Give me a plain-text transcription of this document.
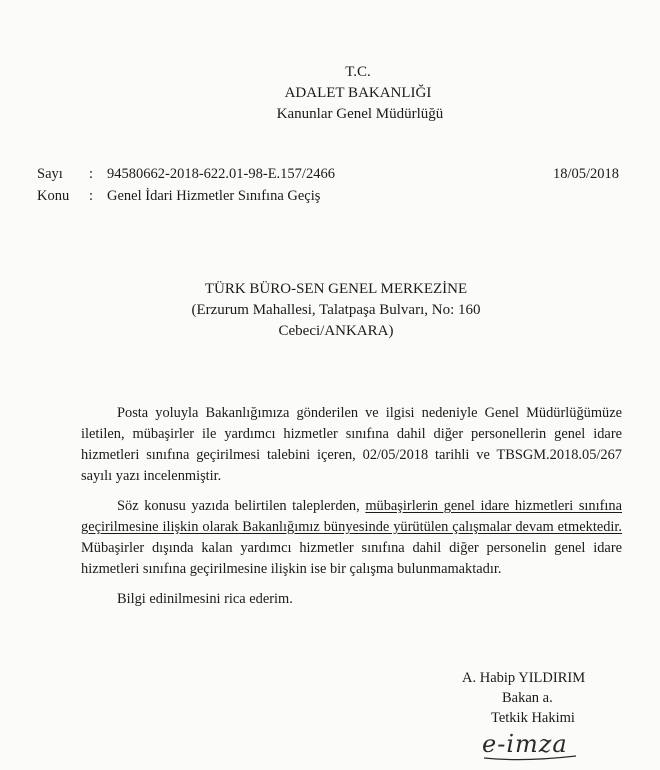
T.C.
ADALET BAKANLIĞI
Kanunlar Genel Müdürlüğü
Sayı	: 94580662-2018-622.01-98-E.157/2466
Konu	: Genel İdari Hizmetler Sınıfına Geçiş
18/05/2018
TÜRK BÜRO-SEN GENEL MERKEZİNE
(Erzurum Mahallesi, Talatpaşa Bulvarı, No: 160
Cebeci/ANKARA)

Posta yoluyla Bakanlığımıza gönderilen ve ilgisi nedeniyle Genel Müdürlüğümüze iletilen, mübaşirler ile yardımcı hizmetler sınıfına dahil diğer personellerin genel idare hizmetleri sınıfına geçirilmesi talebini içeren, 02/05/2018 tarihli ve TBSGM.2018.05/267 sayılı yazı incelenmiştir.

Söz konusu yazıda belirtilen taleplerden, mübaşirlerin genel idare hizmetleri sınıfına geçirilmesine ilişkin olarak Bakanlığımız bünyesinde yürütülen çalışmalar devam etmektedir. Mübaşirler dışında kalan yardımcı hizmetler sınıfına dahil diğer personelin genel idare hizmetleri sınıfına geçirilmesine ilişkin ise bir çalışma bulunmamaktadır.

Bilgi edinilmesini rica ederim.

A. Habip YILDIRIM
Bakan a.
Tetkik Hakimi
e-imza
